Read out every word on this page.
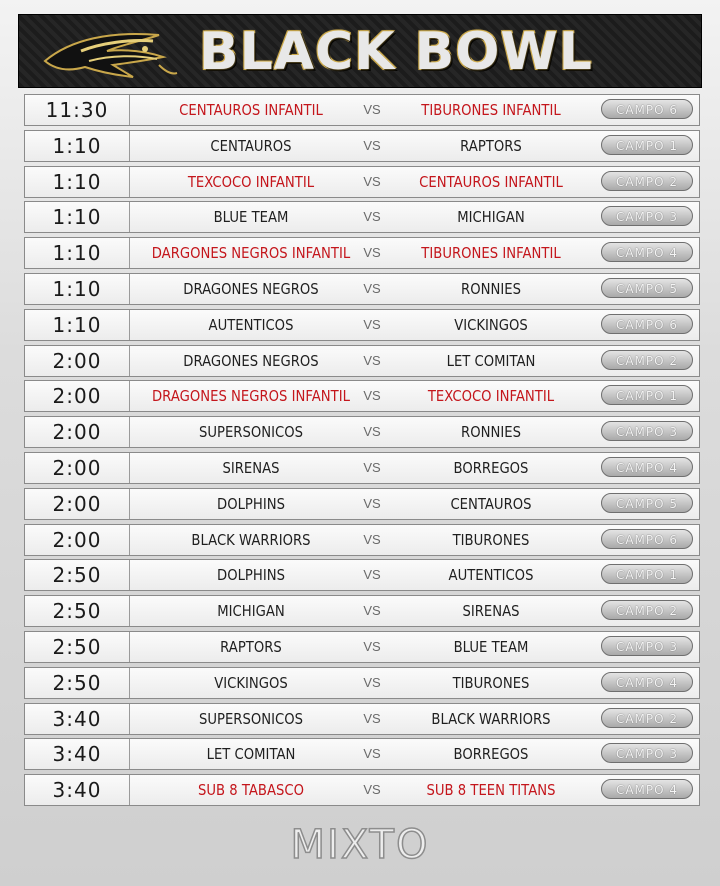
BLACK BOWL
11:30	CENTAUROS INFANTIL	VS	TIBURONES INFANTIL	CAMPO 6
1:10	CENTAUROS	VS	RAPTORS	CAMPO 1
1:10	TEXCOCO INFANTIL	VS	CENTAUROS INFANTIL	CAMPO 2
1:10	BLUE TEAM	VS	MICHIGAN	CAMPO 3
1:10	DARGONES NEGROS INFANTIL	VS	TIBURONES INFANTIL	CAMPO 4
1:10	DRAGONES NEGROS	VS	RONNIES	CAMPO 5
1:10	AUTENTICOS	VS	VICKINGOS	CAMPO 6
2:00	DRAGONES NEGROS	VS	LET COMITAN	CAMPO 2
2:00	DRAGONES NEGROS INFANTIL	VS	TEXCOCO INFANTIL	CAMPO 1
2:00	SUPERSONICOS	VS	RONNIES	CAMPO 3
2:00	SIRENAS	VS	BORREGOS	CAMPO 4
2:00	DOLPHINS	VS	CENTAUROS	CAMPO 5
2:00	BLACK WARRIORS	VS	TIBURONES	CAMPO 6
2:50	DOLPHINS	VS	AUTENTICOS	CAMPO 1
2:50	MICHIGAN	VS	SIRENAS	CAMPO 2
2:50	RAPTORS	VS	BLUE TEAM	CAMPO 3
2:50	VICKINGOS	VS	TIBURONES	CAMPO 4
3:40	SUPERSONICOS	VS	BLACK WARRIORS	CAMPO 2
3:40	LET COMITAN	VS	BORREGOS	CAMPO 3
3:40	SUB 8 TABASCO	VS	SUB 8 TEEN TITANS	CAMPO 4
MIXTO
